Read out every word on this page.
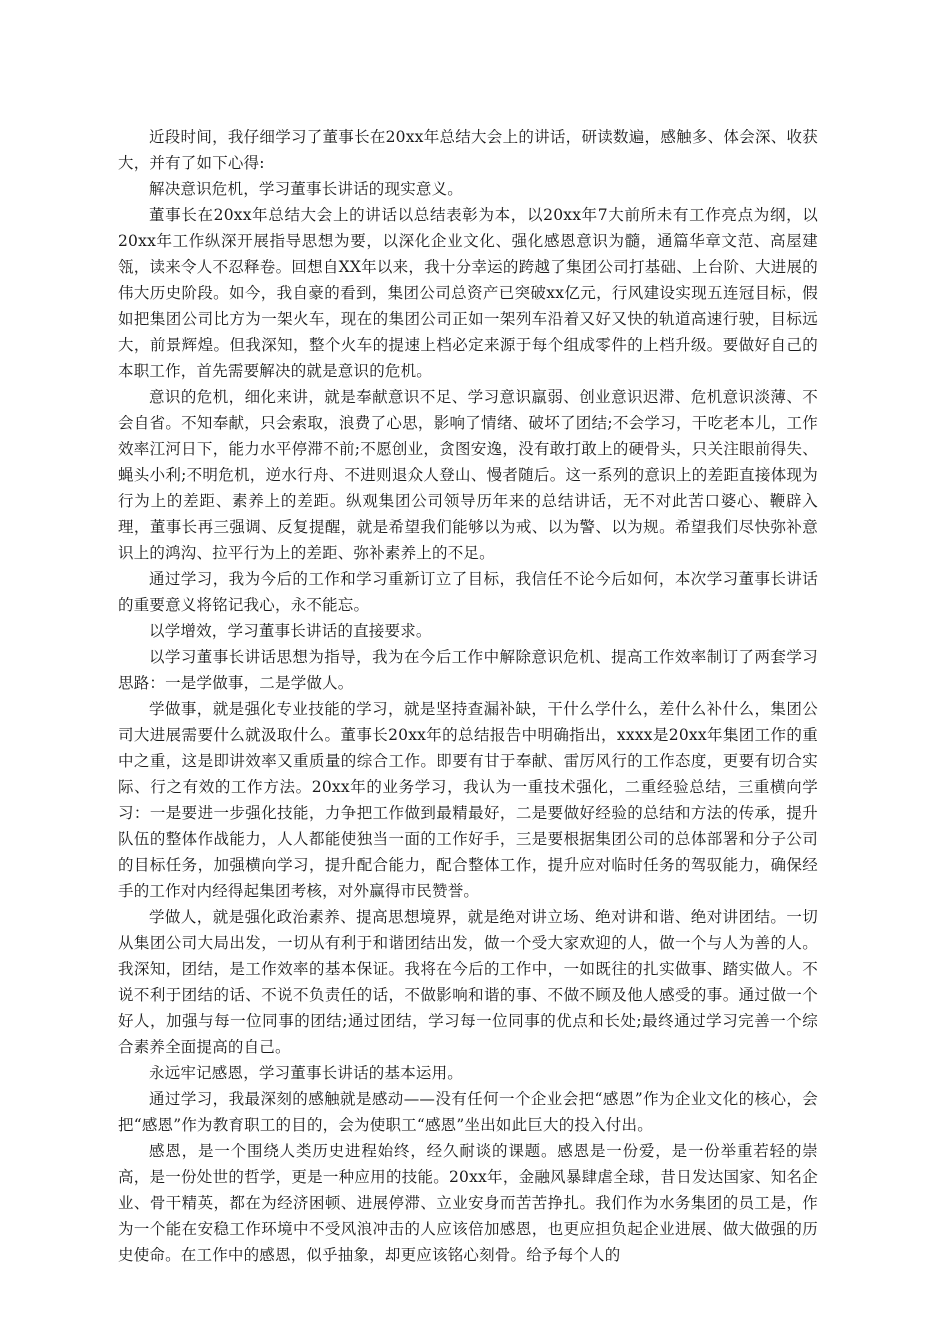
近段时间，我仔细学习了董事长在20xx年总结大会上的讲话，研读数遍，感触多、体会深、收获大，并有了如下心得:

解决意识危机，学习董事长讲话的现实意义。

董事长在20xx年总结大会上的讲话以总结表彰为本，以20xx年7大前所未有工作亮点为纲，以20xx年工作纵深开展指导思想为要，以深化企业文化、强化感恩意识为髓，通篇华章文范、高屋建瓴，读来令人不忍释卷。回想自XX年以来，我十分幸运的跨越了集团公司打基础、上台阶、大进展的伟大历史阶段。如今，我自豪的看到，集团公司总资产已突破xx亿元，行风建设实现五连冠目标，假如把集团公司比方为一架火车，现在的集团公司正如一架列车沿着又好又快的轨道高速行驶，目标远大，前景辉煌。但我深知，整个火车的提速上档必定来源于每个组成零件的上档升级。要做好自己的本职工作，首先需要解决的就是意识的危机。

意识的危机，细化来讲，就是奉献意识不足、学习意识羸弱、创业意识迟滞、危机意识淡薄、不会自省。不知奉献，只会索取，浪费了心思，影响了情绪、破坏了团结;不会学习，干吃老本儿，工作效率江河日下，能力水平停滞不前;不愿创业，贪图安逸，没有敢打敢上的硬骨头，只关注眼前得失、蝇头小利;不明危机，逆水行舟、不进则退众人登山、慢者随后。这一系列的意识上的差距直接体现为行为上的差距、素养上的差距。纵观集团公司领导历年来的总结讲话，无不对此苦口婆心、鞭辟入理，董事长再三强调、反复提醒，就是希望我们能够以为戒、以为警、以为规。希望我们尽快弥补意识上的鸿沟、拉平行为上的差距、弥补素养上的不足。

通过学习，我为今后的工作和学习重新订立了目标，我信任不论今后如何，本次学习董事长讲话的重要意义将铭记我心，永不能忘。

以学增效，学习董事长讲话的直接要求。

以学习董事长讲话思想为指导，我为在今后工作中解除意识危机、提高工作效率制订了两套学习思路：一是学做事，二是学做人。

学做事，就是强化专业技能的学习，就是坚持查漏补缺，干什么学什么，差什么补什么，集团公司大进展需要什么就汲取什么。董事长20xx年的总结报告中明确指出，xxxx是20xx年集团工作的重中之重，这是即讲效率又重质量的综合工作。即要有甘于奉献、雷厉风行的工作态度，更要有切合实际、行之有效的工作方法。20xx年的业务学习，我认为一重技术强化，二重经验总结，三重横向学习：一是要进一步强化技能，力争把工作做到最精最好，二是要做好经验的总结和方法的传承，提升队伍的整体作战能力，人人都能使独当一面的工作好手，三是要根据集团公司的总体部署和分子公司的目标任务，加强横向学习，提升配合能力，配合整体工作，提升应对临时任务的驾驭能力，确保经手的工作对内经得起集团考核，对外赢得市民赞誉。

学做人，就是强化政治素养、提高思想境界，就是绝对讲立场、绝对讲和谐、绝对讲团结。一切从集团公司大局出发，一切从有利于和谐团结出发，做一个受大家欢迎的人，做一个与人为善的人。我深知，团结，是工作效率的基本保证。我将在今后的工作中，一如既往的扎实做事、踏实做人。不说不利于团结的话、不说不负责任的话，不做影响和谐的事、不做不顾及他人感受的事。通过做一个好人，加强与每一位同事的团结;通过团结，学习每一位同事的优点和长处;最终通过学习完善一个综合素养全面提高的自己。

永远牢记感恩，学习董事长讲话的基本运用。

通过学习，我最深刻的感触就是感动——没有任何一个企业会把“感恩”作为企业文化的核心，会把“感恩”作为教育职工的目的，会为使职工“感恩”坐出如此巨大的投入付出。

感恩，是一个围绕人类历史进程始终，经久耐谈的课题。感恩是一份爱，是一份举重若轻的崇高，是一份处世的哲学，更是一种应用的技能。20xx年，金融风暴肆虐全球，昔日发达国家、知名企业、骨干精英，都在为经济困顿、进展停滞、立业安身而苦苦挣扎。我们作为水务集团的员工是，作为一个能在安稳工作环境中不受风浪冲击的人应该倍加感恩，也更应担负起企业进展、做大做强的历史使命。在工作中的感恩，似乎抽象，却更应该铭心刻骨。给予每个人的
